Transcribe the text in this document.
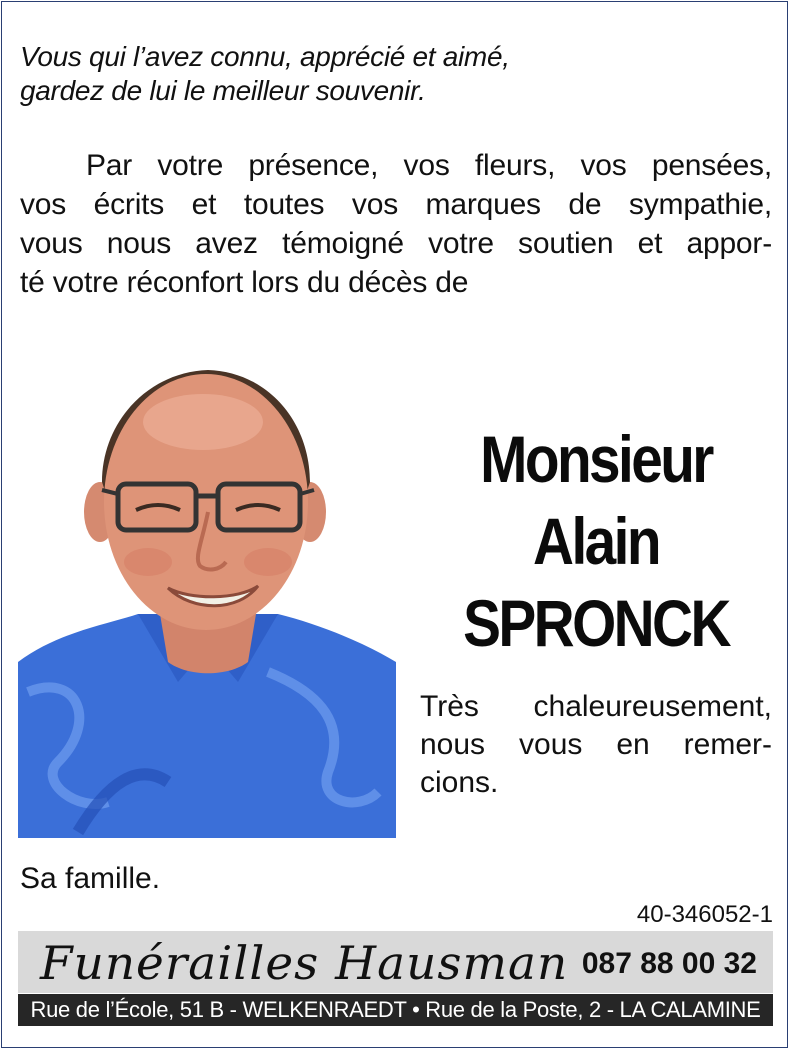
Vous qui l’avez connu, apprécié et aimé,
gardez de lui le meilleur souvenir.

Par votre présence, vos fleurs, vos pensées,
vos écrits et toutes vos marques de sympathie,
vous nous avez témoigné votre soutien et appor-
té votre réconfort lors du décès de

Monsieur
Alain
SPRONCK

Très chaleureusement,
nous vous en remer-
cions.

Sa famille.

40-346052-1

Funérailles Hausman 087 88 00 32

Rue de l’École, 51 B - WELKENRAEDT • Rue de la Poste, 2 - LA CALAMINE
